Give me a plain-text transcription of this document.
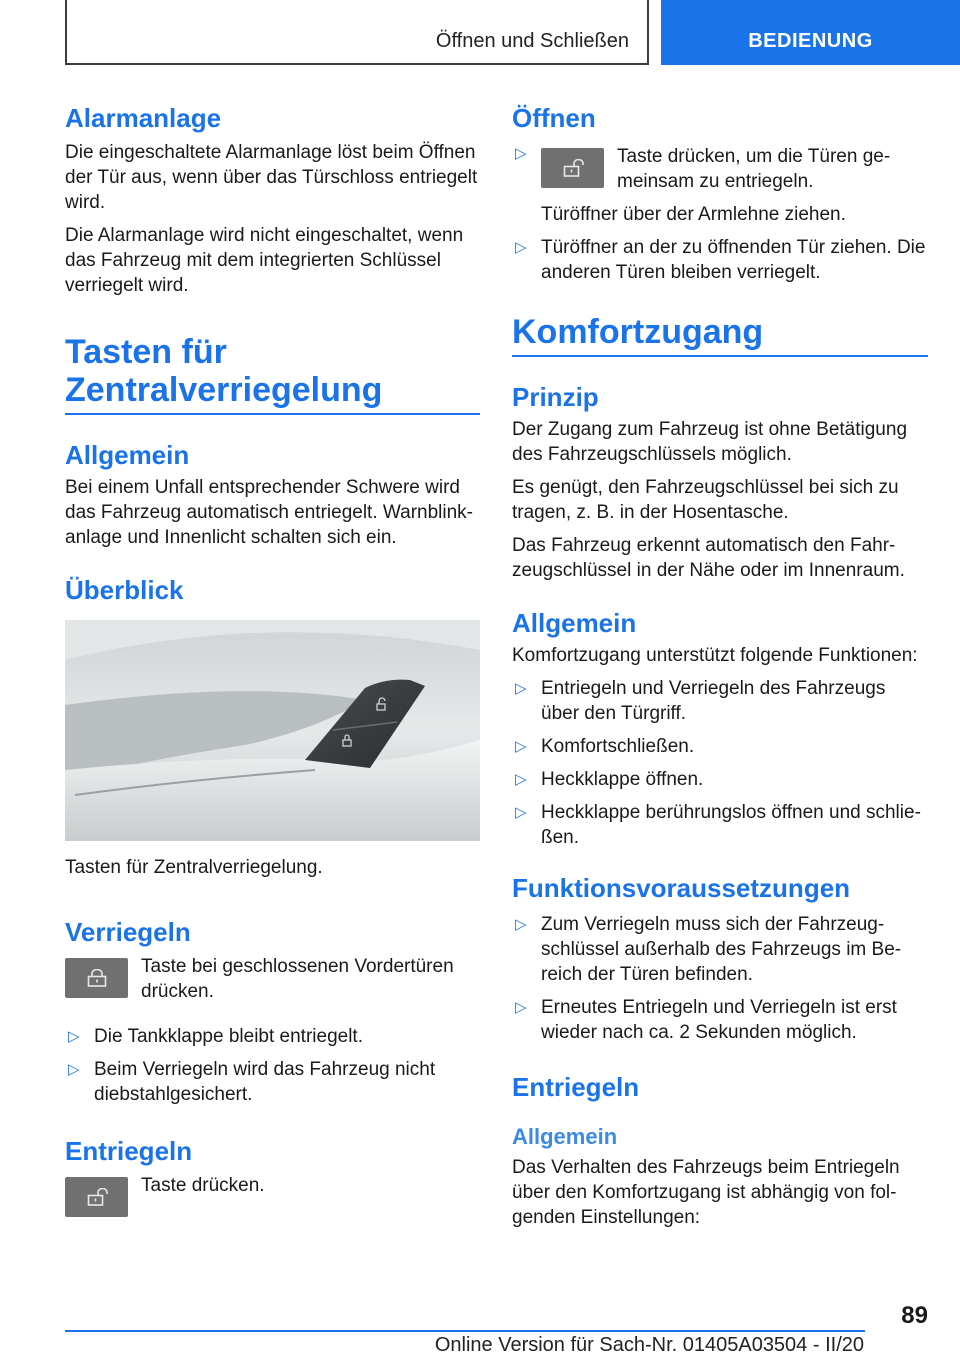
Öffnen und Schließen	BEDIENUNG
Alarmanlage
Die eingeschaltete Alarmanlage löst beim Öffnen der Tür aus, wenn über das Türschloss entriegelt wird.
Die Alarmanlage wird nicht eingeschaltet, wenn das Fahrzeug mit dem integrierten Schlüssel verriegelt wird.
Tasten für Zentralverriegelung
Allgemein
Bei einem Unfall entsprechender Schwere wird das Fahrzeug automatisch entriegelt. Warnblinkanlage und Innenlicht schalten sich ein.
Überblick
Tasten für Zentralverriegelung.
Verriegeln
Taste bei geschlossenen Vordertüren drücken.
▷ Die Tankklappe bleibt entriegelt.
▷ Beim Verriegeln wird das Fahrzeug nicht diebstahlgesichert.
Entriegeln
Taste drücken.
Öffnen
▷	Taste drücken, um die Türen gemeinsam zu entriegeln.
Türöffner über der Armlehne ziehen.
▷ Türöffner an der zu öffnenden Tür ziehen. Die anderen Türen bleiben verriegelt.
Komfortzugang
Prinzip
Der Zugang zum Fahrzeug ist ohne Betätigung des Fahrzeugschlüssels möglich.
Es genügt, den Fahrzeugschlüssel bei sich zu tragen, z. B. in der Hosentasche.
Das Fahrzeug erkennt automatisch den Fahrzeugschlüssel in der Nähe oder im Innenraum.
Allgemein
Komfortzugang unterstützt folgende Funktionen:
▷ Entriegeln und Verriegeln des Fahrzeugs über den Türgriff.
▷ Komfortschließen.
▷ Heckklappe öffnen.
▷ Heckklappe berührungslos öffnen und schließen.
Funktionsvoraussetzungen
▷ Zum Verriegeln muss sich der Fahrzeugschlüssel außerhalb des Fahrzeugs im Bereich der Türen befinden.
▷ Erneutes Entriegeln und Verriegeln ist erst wieder nach ca. 2 Sekunden möglich.
Entriegeln
Allgemein
Das Verhalten des Fahrzeugs beim Entriegeln über den Komfortzugang ist abhängig von folgenden Einstellungen:
89
Online Version für Sach-Nr. 01405A03504 - II/20
